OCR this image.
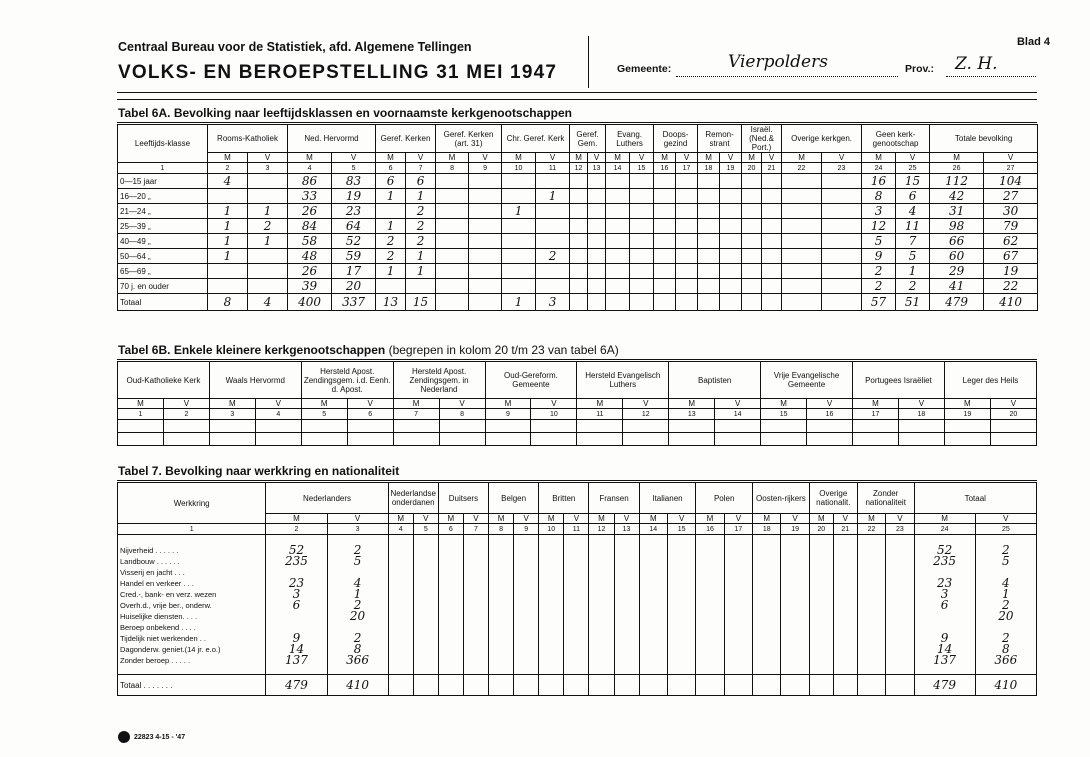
Centraal Bureau voor de Statistiek, afd. Algemene Tellingen
VOLKS- EN BEROEPSTELLING 31 MEI 1947
Blad 4
Gemeente:	Vierpolders	Prov.: Z. H.
Tabel 6A. Bevolking naar leeftijdsklassen en voornaamste kerkgenootschappen
Leeftijds-klasse	Rooms-Katholiek		Ned. Hervormd		Geref. Kerken		Geref. Kerken (art. 31)		Chr. Geref. Kerk		Geref. Gem.		Evang. Luthers		Doops-gezind		Remon-strant		Israël. (Ned.& Port.)		Overige kerkgen.		Geen kerk-genootschap		Totale bevolking	
	M	V	M	V	M	V	M	V	M	V	M	V	M	V	M	V	M	V	M	V	M	V	M	V	M	V
1	2	3	4	5	6	7	8	9	10	11	12	13	14	15	16	17	18	19	20	21	22	23	24	25	26	27
0—15 jaar	4		86	83	6	6																	16	15	112	104
16—20 „			33	19	1	1				1													8	6	42	27
21—24 „	1	1	26	23		2			1														3	4	31	30
25—39 „	1	2	84	64	1	2																	12	11	98	79
40—49 „	1	1	58	52	2	2																	5	7	66	62
50—64 „	1		48	59	2	1				2													9	5	60	67
65—69 „			26	17	1	1																	2	1	29	19
70 j. en ouder			39	20																			2	2	41	22
Totaal	8	4	400	337	13	15			1	3													57	51	479	410
Tabel 6B. Enkele kleinere kerkgenootschappen (begrepen in kolom 20 t/m 23 van tabel 6A)
Oud-Katholieke Kerk		Waals Hervormd		Hersteld Apost. Zendingsgem. i.d. Eenh. d. Apost.		Hersteld Apost. Zendingsgem. in Nederland		Oud-Gereform. Gemeente		Hersteld Evangelisch Luthers		Baptisten		Vrije Evangelische Gemeente		Portugees Israëliet		Leger des Heils	
M	V	M	V	M	V	M	V	M	V	M	V	M	V	M	V	M	V	M	V
1	2	3	4	5	6	7	8	9	10	11	12	13	14	15	16	17	18	19	20

Tabel 7. Bevolking naar werkkring en nationaliteit
Werkkring	Nederlanders		Nederlandse onderdanen		Duitsers		Belgen		Britten		Fransen		Italianen		Polen		Oosten-rijkers		Overige nationalit.		Zonder nationaliteit		Totaal	
	M	V	M	V	M	V	M	V	M	V	M	V	M	V	M	V	M	V	M	V	M	V	M	V
1	2	3	4	5	6	7	8	9	10	11	12	13	14	15	16	17	18	19	20	21	22	23	24	25

Nijverheid . . . . . .	52	2																					52	2
Landbouw . . . . . .	235	5																					235	5
Visserij en jacht . . .																								
Handel en verkeer . . .	23	4																					23	4
Cred.-, bank- en verz. wezen	3	1																					3	1
Overh.d., vrije ber., onderw.	6	2																					6	2
Huiselijke diensten. . . .		20																						20
Beroep onbekend . . . .																								
Tijdelijk niet werkenden . .	9	2																					9	2
Dagonderw. geniet.(14 jr. e.o.)	14	8																					14	8
Zonder beroep . . . . .	137	366																					137	366

Totaal . . . . . . .	479	410																					479	410
22823 4-15 - '47
